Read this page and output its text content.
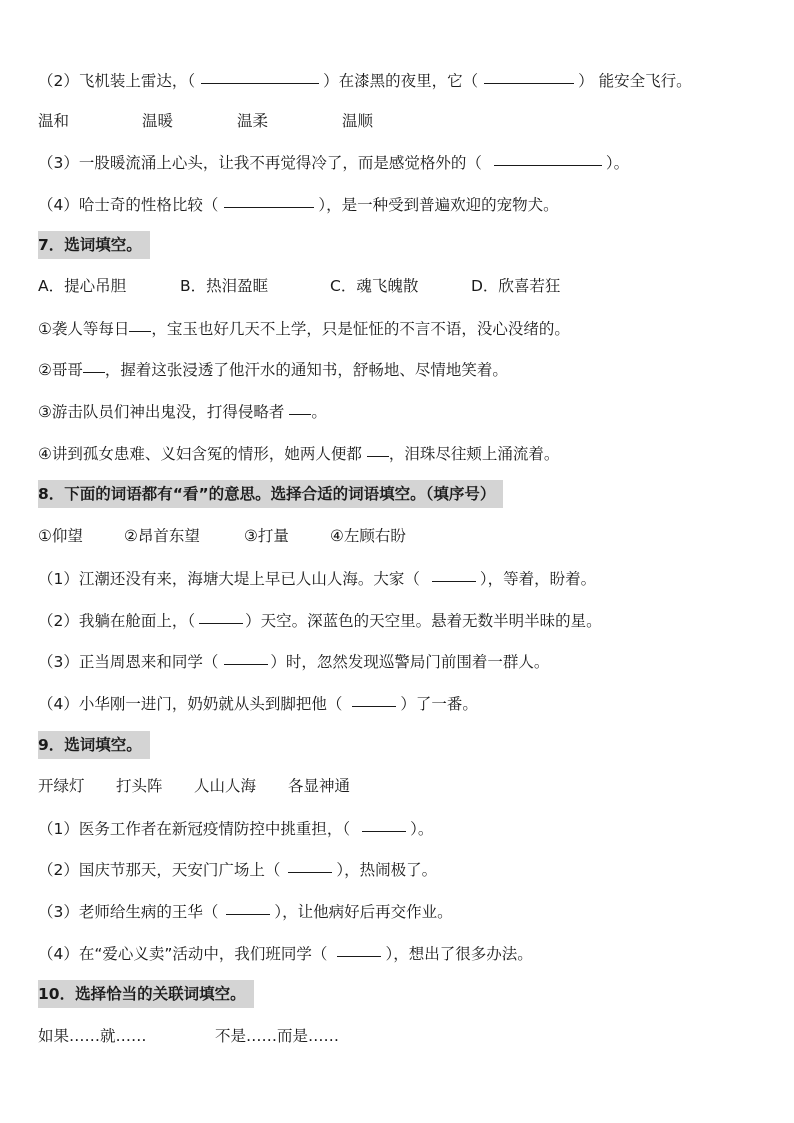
（2）飞机装上雷达，（	）在漆黑的夜里，它（	） 能安全飞行。
温和	温暖	温柔	温顺
（3）一股暖流涌上心头，让我不再觉得冷了，而是感觉格外的（	）。
（4）哈士奇的性格比较（	），是一种受到普遍欢迎的宠物犬。
7．选词填空。
A．提心吊胆	B．热泪盈眶	C．魂飞魄散	D．欣喜若狂
①袭人等每日 ，宝玉也好几天不上学，只是怔怔的不言不语，没心没绪的。
②哥哥 ，握着这张浸透了他汗水的通知书，舒畅地、尽情地笑着。
③游击队员们神出鬼没，打得侵略者 。
④讲到孤女患难、义妇含冤的情形，她两人便都 ，泪珠尽往颊上涌流着。
8．下面的词语都有“看”的意思。选择合适的词语填空。（填序号）
①仰望	②昂首东望	③打量	④左顾右盼
（1）江潮还没有来，海塘大堤上早已人山人海。大家（	），等着，盼着。
（2）我躺在舱面上，（	）天空。深蓝色的天空里。悬着无数半明半昧的星。
（3）正当周恩来和同学（	）时，忽然发现巡警局门前围着一群人。
（4）小华刚一进门，奶奶就从头到脚把他（	）了一番。
9．选词填空。
开绿灯 打头阵 人山人海 各显神通
（1）医务工作者在新冠疫情防控中挑重担，（	）。
（2）国庆节那天，天安门广场上（	），热闹极了。
（3）老师给生病的王华（	），让他病好后再交作业。
（4）在“爱心义卖”活动中，我们班同学（	），想出了很多办法。
10．选择恰当的关联词填空。
如果……就……	不是……而是……
